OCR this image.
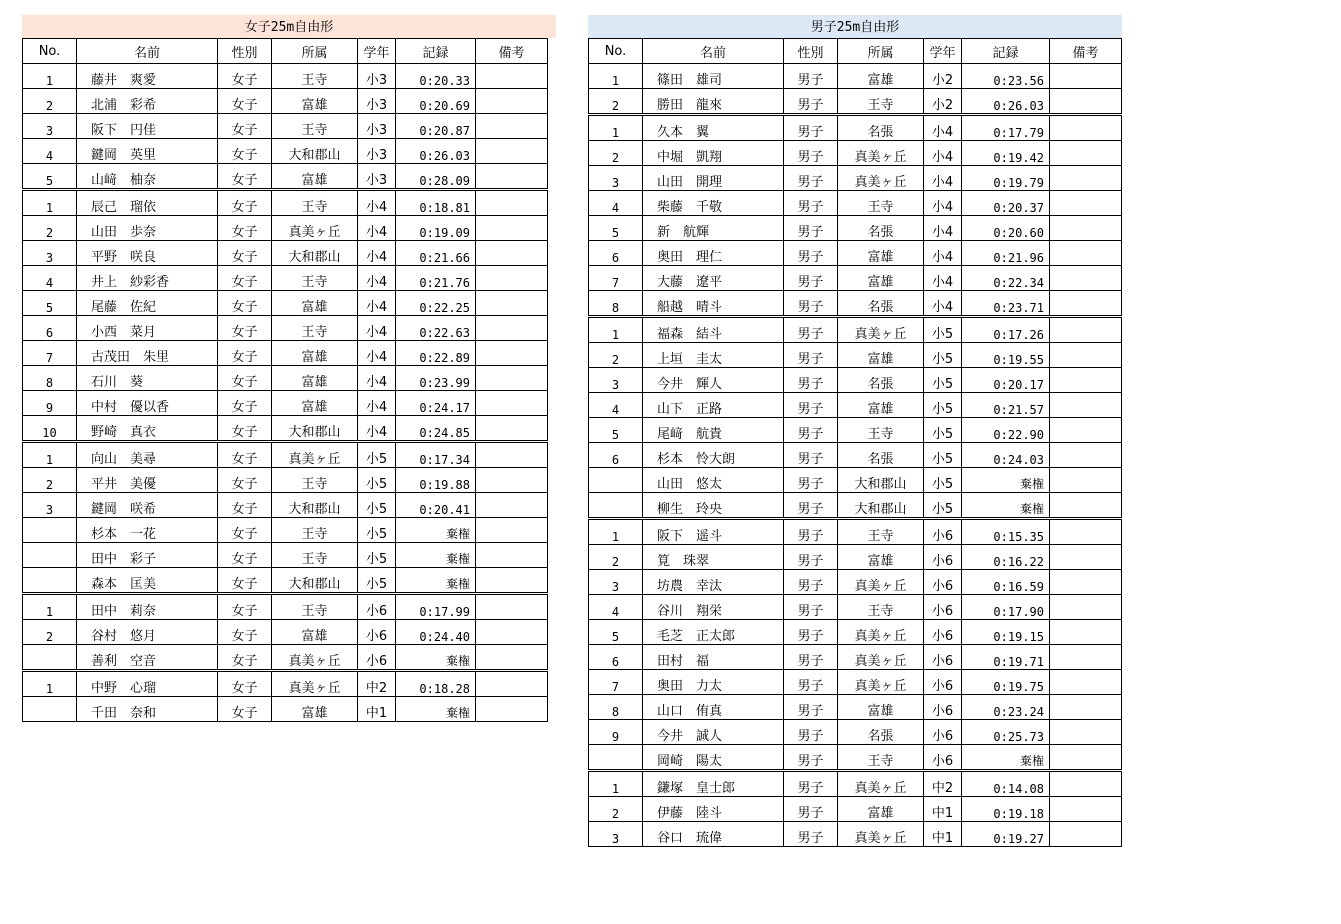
女子25m自由形
No.	名前	性別	所属	学年	記録	備考
1	藤井　爽愛	女子	王寺	小3	0:20.33	
2	北浦　彩希	女子	富雄	小3	0:20.69	
3	阪下　円佳	女子	王寺	小3	0:20.87	
4	鍵岡　英里	女子	大和郡山	小3	0:26.03	
5	山﨑　柚奈	女子	富雄	小3	0:28.09	
1	辰己　瑠依	女子	王寺	小4	0:18.81	
2	山田　歩奈	女子	真美ヶ丘	小4	0:19.09	
3	平野　咲良	女子	大和郡山	小4	0:21.66	
4	井上　紗彩香	女子	王寺	小4	0:21.76	
5	尾藤　佐紀	女子	富雄	小4	0:22.25	
6	小西　菜月	女子	王寺	小4	0:22.63	
7	古茂田　朱里	女子	富雄	小4	0:22.89	
8	石川　葵	女子	富雄	小4	0:23.99	
9	中村　優以香	女子	富雄	小4	0:24.17	
10	野崎　真衣	女子	大和郡山	小4	0:24.85	
1	向山　美尋	女子	真美ヶ丘	小5	0:17.34	
2	平井　美優	女子	王寺	小5	0:19.88	
3	鍵岡　咲希	女子	大和郡山	小5	0:20.41	
	杉本　一花	女子	王寺	小5	棄権	
	田中　彩子	女子	王寺	小5	棄権	
	森本　匡美	女子	大和郡山	小5	棄権	
1	田中　莉奈	女子	王寺	小6	0:17.99	
2	谷村　悠月	女子	富雄	小6	0:24.40	
	善利　空音	女子	真美ヶ丘	小6	棄権	
1	中野　心瑠	女子	真美ヶ丘	中2	0:18.28	
	千田　奈和	女子	富雄	中1	棄権	
男子25m自由形
No.	名前	性別	所属	学年	記録	備考
1	篠田　雄司	男子	富雄	小2	0:23.56	
2	勝田　龍來	男子	王寺	小2	0:26.03	
1	久本　翼	男子	名張	小4	0:17.79	
2	中堀　凱翔	男子	真美ヶ丘	小4	0:19.42	
3	山田　開理	男子	真美ヶ丘	小4	0:19.79	
4	柴藤　千敬	男子	王寺	小4	0:20.37	
5	新　航輝	男子	名張	小4	0:20.60	
6	奥田　理仁	男子	富雄	小4	0:21.96	
7	大藤　遼平	男子	富雄	小4	0:22.34	
8	船越　晴斗	男子	名張	小4	0:23.71	
1	福森　結斗	男子	真美ヶ丘	小5	0:17.26	
2	上垣　圭太	男子	富雄	小5	0:19.55	
3	今井　輝人	男子	名張	小5	0:20.17	
4	山下　正路	男子	富雄	小5	0:21.57	
5	尾﨑　航貴	男子	王寺	小5	0:22.90	
6	杉本　怜大朗	男子	名張	小5	0:24.03	
	山田　悠太	男子	大和郡山	小5	棄権	
	柳生　玲央	男子	大和郡山	小5	棄権	
1	阪下　遥斗	男子	王寺	小6	0:15.35	
2	筧　珠翠	男子	富雄	小6	0:16.22	
3	坊農　幸汰	男子	真美ヶ丘	小6	0:16.59	
4	谷川　翔栄	男子	王寺	小6	0:17.90	
5	毛芝　正太郎	男子	真美ヶ丘	小6	0:19.15	
6	田村　福	男子	真美ヶ丘	小6	0:19.71	
7	奥田　力太	男子	真美ヶ丘	小6	0:19.75	
8	山口　侑真	男子	富雄	小6	0:23.24	
9	今井　誠人	男子	名張	小6	0:25.73	
	岡崎　陽太	男子	王寺	小6	棄権	
1	鎌塚　皇士郎	男子	真美ヶ丘	中2	0:14.08	
2	伊藤　陸斗	男子	富雄	中1	0:19.18	
3	谷口　琉偉	男子	真美ヶ丘	中1	0:19.27	
